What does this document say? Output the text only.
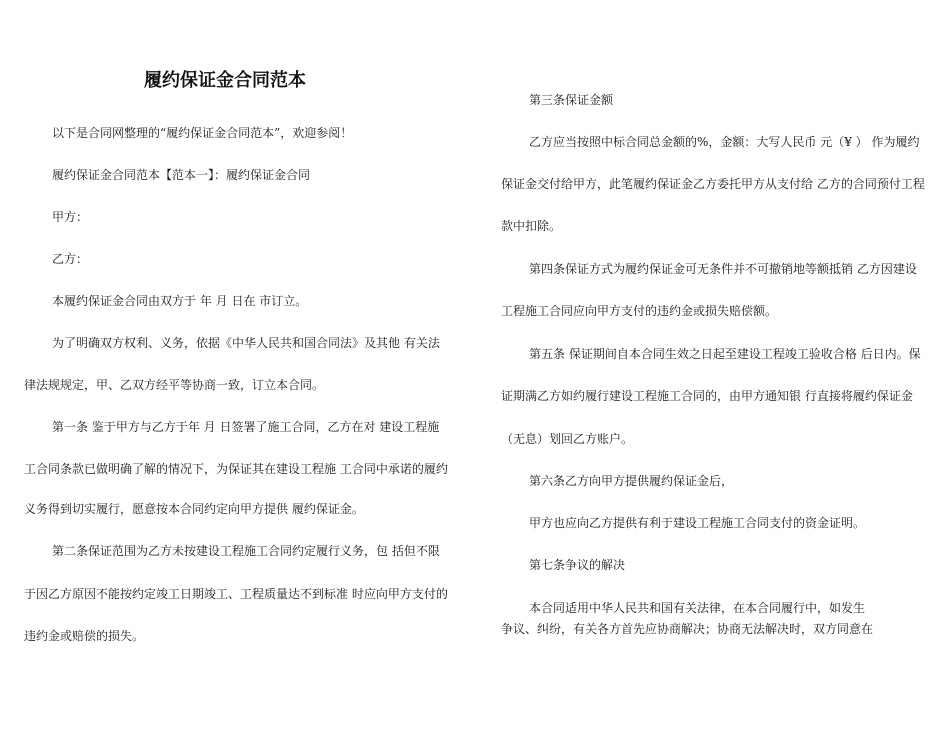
履约保证金合同范本
以下是合同网整理的“履约保证金合同范本”，欢迎参阅！
履约保证金合同范本【范本一】：履约保证金合同
甲方：
乙方：
本履约保证金合同由双方于 年 月 日在 市订立。
为了明确双方权利、义务，依据《中华人民共和国合同法》及其他 有关法
律法规规定，甲、乙双方经平等协商一致，订立本合同。
第一条 鉴于甲方与乙方于年 月 日签署了施工合同，乙方在对 建设工程施
工合同条款已做明确了解的情况下，为保证其在建设工程施 工合同中承诺的履约
义务得到切实履行，愿意按本合同约定向甲方提供 履约保证金。
第二条保证范围为乙方未按建设工程施工合同约定履行义务，包 括但不限
于因乙方原因不能按约定竣工日期竣工、工程质量达不到标准 时应向甲方支付的
违约金或赔偿的损失。
第三条保证金额
乙方应当按照中标合同总金额的%，金额：大写人民币 元（¥ ） 作为履约
保证金交付给甲方，此笔履约保证金乙方委托甲方从支付给 乙方的合同预付工程
款中扣除。
第四条保证方式为履约保证金可无条件并不可撤销地等额抵销 乙方因建设
工程施工合同应向甲方支付的违约金或损失赔偿额。
第五条 保证期间自本合同生效之日起至建设工程竣工验收合格 后日内。保
证期满乙方如约履行建设工程施工合同的，由甲方通知银 行直接将履约保证金
（无息）划回乙方账户。
第六条乙方向甲方提供履约保证金后，
甲方也应向乙方提供有利于建设工程施工合同支付的资金证明。
第七条争议的解决
本合同适用中华人民共和国有关法律，在本合同履行中，如发生
争议、纠纷，有关各方首先应协商解决；协商无法解决时，双方同意在
